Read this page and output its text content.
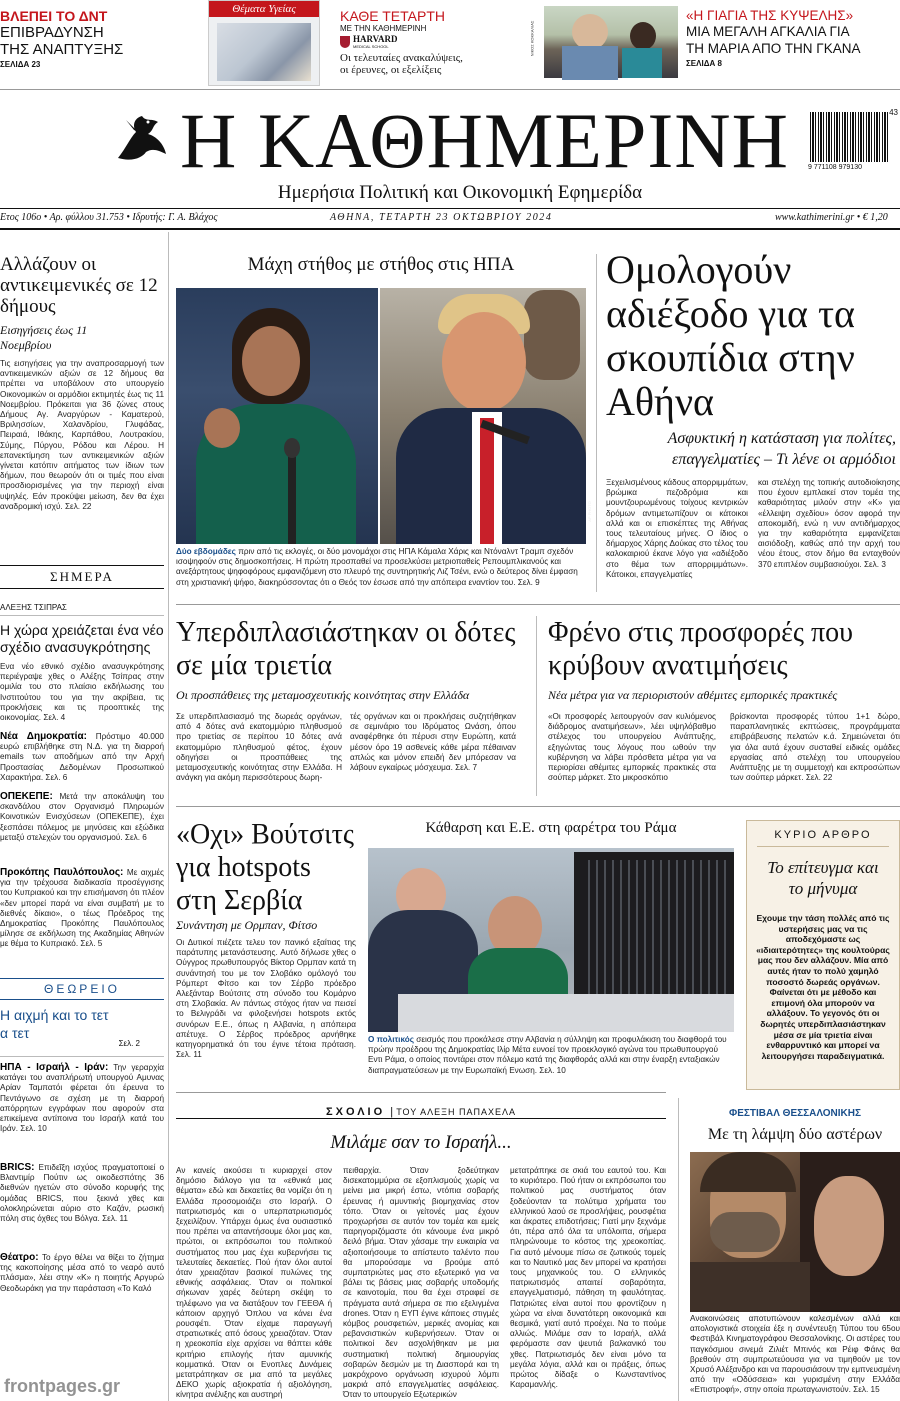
ΒΛΕΠΕΙ ΤΟ ΔΝΤ
ΕΠΙΒΡΑΔΥΝΣΗ
ΤΗΣ ΑΝΑΠΤΥΞΗΣ
ΣΕΛΙΔΑ 23
Θέματα Υγείας	ΚΑΘΕ ΤΕΤΑΡΤΗ
ΜΕ ΤΗΝ ΚΑΘΗΜΕΡΙΝΗ
HARVARD
MEDICAL SCHOOL
Οι τελευταίες ανακαλύψεις,
οι έρευνες, οι εξελίξεις
ΝΙΚΟΣ ΚΟΚΚΑΛΙΑΣ
«Η ΓΙΑΓΙΑ ΤΗΣ ΚΥΨΕΛΗΣ»
ΜΙΑ ΜΕΓΑΛΗ ΑΓΚΑΛΙΑ ΓΙΑ
ΤΗ ΜΑΡΙΑ ΑΠΟ ΤΗΝ ΓΚΑΝΑ
ΣΕΛΙΔΑ 8
Η ΚΑΘΗΜΕΡΙΝΗ
Ημερήσια Πολιτική και Οικονομική Εφημερίδα
43
9 771108 979130
Ετος 106ο • Αρ. φύλλου 31.753 • Ιδρυτής: Γ. Α. Βλάχος	ΑΘΗΝΑ, ΤΕΤΑΡΤΗ 23 ΟΚΤΩΒΡΙΟΥ 2024	www.kathimerini.gr • € 1,20
Αλλάζουν οι αντικειμενικές σε 12 δήμους
Εισηγήσεις έως 11 Νοεμβρίου
Τις εισηγήσεις για την αναπροσαρμογή των αντικειμενικών αξιών σε 12 δήμους θα πρέπει να υποβάλουν στο υπουργείο Οικονομικών οι αρμόδιοι εκτιμητές έως τις 11 Νοεμβρίου. Πρόκειται για 36 ζώνες στους Δήμους Αγ. Αναργύρων - Καματερού, Βριλησσίων, Χαλανδρίου, Γλυφάδας, Πειραιά, Ιθάκης, Καρπάθου, Λουτρακίου, Σύμης, Πύργου, Ρόδου και Λέρου. Η επανεκτίμηση των αντικειμενικών αξιών γίνεται κατόπιν αιτήματος των ίδιων των δήμων, που θεωρούν ότι οι τιμές που είναι προσδιορισμένες για την περιοχή είναι υψηλές. Εάν προκύψει μείωση, δεν θα έχει αναδρομική ισχύ. Σελ. 22
ΣΗΜΕΡΑ
ΑΛΕΞΗΣ ΤΣΙΠΡΑΣ
Η χώρα χρειάζεται ένα νέο σχέδιο ανασυγκρότησης
Ενα νέο εθνικό σχέδιο ανασυγκρότησης περιέγραψε χθες ο Αλέξης Τσίπρας στην ομιλία του στο πλαίσιο εκδήλωσης του Ινστιτούτου του για την ακρίβεια, τις προκλήσεις και τις προοπτικές της οικονομίας. Σελ. 4
Νέα Δημοκρατία: Πρόστιμο 40.000 ευρώ επιβλήθηκε στη Ν.Δ. για τη διαρροή emails των αποδήμων από την Αρχή Προστασίας Δεδομένων Προσωπικού Χαρακτήρα. Σελ. 6
ΟΠΕΚΕΠΕ: Μετά την αποκάλυψη του σκανδάλου στον Οργανισμό Πληρωμών Κοινοτικών Ενισχύσεων (ΟΠΕΚΕΠΕ), έχει ξεσπάσει πόλεμος με μηνύσεις και εξώδικα μεταξύ στελεχών του οργανισμού. Σελ. 6
Προκόπης Παυλόπουλος: Με αιχμές για την τρέχουσα διαδικασία προσέγγισης του Κυπριακού και την επισήμανση ότι πλέον «δεν μπορεί παρά να είναι συμβατή με το διεθνές δίκαιο», ο τέως Πρόεδρος της Δημοκρατίας Προκόπης Παυλόπουλος μίλησε σε εκδήλωση της Ακαδημίας Αθηνών με θέμα το Κυπριακό. Σελ. 5
ΘΕΩΡΕΙΟ
Η αιχμή και το τετ α τετ
Σελ. 2
ΗΠΑ - Ισραήλ - Ιράν: Την γεραρχία κατάγει του αναπλήρωτή υπουργού Αμυνας Αρίαν Ταμπατόι φέρεται ότι έρευνα το Πεντάγωνο σε σχέση με τη διαρροή απόρρητων εγγράφων που αφορούν στα επικείμενα αντίποινα του Ισραήλ κατά του Ιράν. Σελ. 10
BRICS: Επιδεῖξη ισχύος πραγματοποιεί ο Βλαντιμίρ Πούτιν ως οικοδεσπότης 36 διεθνών ηγετών στο σύνοδο κορυφής της ομάδας BRICS, που ξεκινά χθες και ολοκληρώνεται αύριο στο Καζάν, ρωσική πόλη στις όχθες του Βόλγα. Σελ. 11
Θέατρο: Το έργο θέλει να θίξει το ζήτημα της κακοποίησης μέσα από το νεαρό αυτό πλάσμα», λέει στην «Κ» η ποιητής Αργυρώ Θεοδωράκη για την παράσταση «Το Καλό
frontpages.gr
Μάχη στήθος με στήθος στις ΗΠΑ
AP PHOTO
Δύο εβδομάδες πριν από τις εκλογές, οι δύο μονομάχοι στις ΗΠΑ Κάμαλα Χάρις και Ντόναλντ Τραμπ σχεδόν ισοψηφούν στις δημοσκοπήσεις. Η πρώτη προσπαθεί να προσελκύσει μετριοπαθείς Ρεπουμπλικανούς και ανεξάρτητους ψηφοφόρους εμφανιζόμενη στο πλευρό της συντηρητικής Λιζ Τσένι, ενώ ο δεύτερος δίνει έμφαση στη χριστιανική ψήφο, διακηρύσσοντας ότι ο Θεός τον έσωσε από την απόπειρα εναντίον του. Σελ. 9
Ομολογούν αδιέξοδο για τα σκουπίδια στην Αθήνα
Ασφυκτική η κατάσταση για πολίτες, επαγγελματίες – Τι λένε οι αρμόδιοι
Ξεχειλισμένους κάδους απορριμμάτων, βρώμικα πεζοδρόμια και μουντζουρωμένους τοίχους κεντρικών δρόμων αντιμετωπίζουν οι κάτοικοι αλλά και οι επισκέπτες της Αθήνας τους τελευταίους μήνες. Ο ίδιος ο δήμαρχος Χάρης Δούκας στο τέλος του καλοκαιριού έκανε λόγο για «αδιέξοδο στο θέμα των απορριμμάτων». Κάτοικοι, επαγγελματίες
και στελέχη της τοπικής αυτοδιοίκησης που έχουν εμπλακεί στον τομέα της καθαριότητας μιλούν στην «Κ» για «έλλειψη σχεδίου» όσον αφορά την αποκομιδή, ενώ η νυν αντιδήμαρχος για την καθαριότητα εμφανίζεται αισιόδοξη, καθώς από την αρχή του νέου έτους, στον δήμο θα ενταχθούν 370 επιπλέον συμβασιούχοι. Σελ. 3
Υπερδιπλασιάστηκαν οι δότες σε μία τριετία
Οι προσπάθειες της μεταμοσχευτικής κοινότητας στην Ελλάδα
Σε υπερδιπλασιασμό της δωρεάς οργάνων, από 4 δότες ανά εκατομμύριο πληθυσμού προ τριετίας σε περίπου 10 δότες ανά εκατομμύριο πληθυσμού φέτος, έχουν οδηγήσει οι προσπάθειες της μεταμοσχευτικής κοινότητας στην Ελλάδα. Η ανάγκη για ακόμη περισσότερους δωρη-
τές οργάνων και οι προκλήσεις συζητήθηκαν σε σεμινάριο του Ιδρύματος Ωνάση, όπου αναφέρθηκε ότι πέρυσι στην Ευρώπη, κατά μέσον όρο 19 ασθενείς κάθε μέρα πέθαιναν απλώς και μόνον επειδή δεν μπόρεσαν να λάβουν εγκαίρως μόσχευμα. Σελ. 7
Φρένο στις προσφορές που κρύβουν ανατιμήσεις
Νέα μέτρα για να περιοριστούν αθέμιτες εμπορικές πρακτικές
«Οι προσφορές λειτουργούν σαν κυλιόμενος διάδρομος ανατιμήσεων», λέει υψηλόβαθμο στέλεχος του υπουργείου Ανάπτυξης, εξηγώντας τους λόγους που ωθούν την κυβέρνηση να λάβει πρόσθετα μέτρα για να περιορίσει αθέμιτες εμπορικές πρακτικές στα σούπερ μάρκετ. Στο μικροσκόπιο
βρίσκονται προσφορές τύπου 1+1 δώρο, παραπλανητικές εκπτώσεις, προγράμματα επιβράβευσης πελατών κ.ά. Σημειώνεται ότι για όλα αυτά έχουν συσταθεί ειδικές ομάδες εργασίας από στελέχη του υπουργείου Ανάπτυξης με τη συμμετοχή και εκπροσώπων των σούπερ μάρκετ. Σελ. 22
«Οχι» Βούτσιτς για hotspots στη Σερβία
Συνάντηση με Ορμπαν, Φίτσο
Οι Δυτικοί πιέζετε τελευ τον πανικό εξαίτιας της παράτυπης μετανάστευσης. Αυτό δήλωσε χθες ο Ούγγρος πρωθυπουργός Βίκτορ Ορμπαν κατά τη συνάντησή του με τον Σλοβάκο ομόλογό του Ρόμπερτ Φίτσο και τον Σέρβο πρόεδρο Αλεξάνταρ Βούτσιτς στη σύνοδο του Κομάρνο στη Σλοβακία. Αν πάντως στόχος ήταν να πεισεί το Βελιγράδι να φιλοξενήσει hotspots εκτός συνόρων Ε.Ε., όπως η Αλβανία, η απόπειρα απέτυχε. Ο Σέρβος πρόεδρος αρνήθηκε κατηγορηματικά ότι του έγινε τέτοια πρόταση. Σελ. 11
Κάθαρση και Ε.Ε. στη φαρέτρα του Ράμα
Ο πολιτικός σεισμός που προκάλεσε στην Αλβανία η σύλληψη και προφυλάκιση του διαφθορά του πρώην προέδρου της Δημοκρατίας Ιλίρ Μέτα ευνοεί τον προεκλογικό αγώνα του πρωθυπουργού Εντι Ράμα, ο οποίος ποντάρει στον πόλεμο κατά της διαφθοράς αλλά και στην έναρξη ενταξιακών διαπραγματεύσεων με την Ευρωπαϊκή Ενωση. Σελ. 10
ΚΥΡΙΟ ΑΡΘΡΟ
Το επίτευγμα και το μήνυμα
Εχουμε την τάση πολλές από τις υστερήσεις μας να τις αποδεχόμαστε ως «ιδιαιτερότητες» της κουλτούρας μας που δεν αλλάζουν. Μία από αυτές ήταν το πολύ χαμηλό ποσοστό δωρεάς οργάνων. Φαίνεται ότι με μέθοδο και επιμονή όλα μπορούν να αλλάξουν. Το γεγονός ότι οι δωρητές υπερδιπλασιάστηκαν μέσα σε μία τριετία είναι ενθαρρυντικό και μπορεί να λειτουργήσει παραδειγματικά.
ΣΧΟΛΙΟ | ΤΟΥ ΑΛΕΞΗ ΠΑΠΑΧΕΛΑ
Μιλάμε σαν το Ισραήλ...
Αν κανείς ακούσει τι κυριαρχεί στον δημόσιο διάλογο για τα «εθνικά μας θέματα» εδώ και δεκαετίες θα νομίζει ότι η Ελλάδα προσομοιάζει στο Ισραήλ. Ο πατριωτισμός και ο υπερπατριωτισμός ξεχειλίζουν. Υπάρχει όμως ένα ουσιαστικό που πρέπει να απαντήσουμε όλοι μας και, πρώτοι, οι εκπρόσωποι του πολιτικού συστήματος που μας έχει κυβερνήσει τις τελευταίες δεκαετίες. Πού ήταν όλοι αυτοί όταν χρειαζόταν βασικοί πυλώνες της εθνικής ασφάλειας. Όταν οι πολιτικοί σήκωναν χαρές δεύτερη σκέψη το τηλέφωνο για να διατάξουν τον ΓΕΕΘΑ ή κάποιον αρχηγό Όπλου να κάνει ένα ρουσφέτι. Όταν είχαμε παραγωγή στρατιωτικές από όσους χρειαζόταν. Όταν η χρεοκοπία είχε αρχίσει να θάπτει κάθε κριτήριο επιλογής ήταν αμυνικής κομματικά. Όταν οι Ενοπλες Δυνάμεις μετατράπηκαν σε μια από τα μεγάλες ΔΕΚΟ χωρίς αξιοκρατία ή αξιολόγηση, κίνητρα ανέλιξης και αυστηρή
πειθαρχία. Όταν ξοδεύτηκαν δισεκατομμύρια σε εξοπλισμούς χωρίς να μείνει μια μικρή έστω, ντόπια σοβαρής έρευνας ή αμυντικής βιομηχανίας στον τόπο. Όταν οι γείτονές μας έχουν προχωρήσει σε αυτόν τον τομέα και εμείς παρηγοριζόμαστε ότι κάνουμε ένα μικρό δειλό βήμα. Όταν χάσαμε την ευκαιρία να αξιοποιήσουμε το απίστευτο ταλέντο που θα μπορούσαμε να βρούμε από συμπατριώτες μας στο εξωτερικό για να βάλει τις βάσεις μιας σοβαρής υποδομής σε καινοτομία, που θα έχει στραφεί σε πράγματα αυτά σήμερα σε πιο εξελιγμένα drones. Όταν η ΕΥΠ έγινε κάποιες στιγμές κόμβος ρουσφετιών, μερικές ανομίας και ρεβανσιστικών κυβερνήσεων. Όταν οι πολιτικοί δεν ασχολήθηκαν με μια συστηματική πολιτική δημιουργίας σοβαρών δεσμών με τη Διασπορά και τη μακρόχρονο οργάνωση ισχυρού λόμπι μακριά από επαγγελματίες ασφάλειας. Όταν το υπουργείο Εξωτερικών
μετατράπηκε σε σκιά του εαυτού του. Και το κυριότερο. Πού ήταν οι εκπρόσωποι του πολιτικού μας συστήματος όταν ξοδεύονταν τα πολύτιμα χρήματα του ελληνικού λαού σε προσλήψεις, ρουσφέτια και άκρατες επιδοτήσεις; Γιατί μην ξεχνάμε ότι, πέρα από όλα τα υπόλοιπα, σήμερα πληρώνουμε το κόστος της χρεοκοπίας. Για αυτό μένουμε πίσω σε ζωτικούς τομείς και το Ναυτικό μας δεν μπορεί να κρατήσει τους μηχανικούς του. Ο ελληνικός πατριωτισμός απαιτεί σοβαρότητα, επαγγελματισμό, πάθηση τη φαυλότητας. Πατριώτες είναι αυτοί που φροντίζουν η χώρα να είναι δυνατότερη οικονομικά και θεσμικά, γιατί αυτό προέχει. Να το πούμε αλλιώς. Μιλάμε σαν το Ισραήλ, αλλά φερόμαστε σαν ψευτιά βαλκανικό του χθες. Πατριωτισμός δεν είναι μόνο τα μεγάλα λόγια, αλλά και οι πράξεις, όπως πρώτος δίδαξε ο Κωνσταντίνος Καραμανλής.
ΦΕΣΤΙΒΑΛ ΘΕΣΣΑΛΟΝΙΚΗΣ
Με τη λάμψη δύο αστέρων
Ανακοινώσεις αποτυπώνουν καλεσμένων αλλά και απολογιστικά στοιχεία έξε η συνέντευξη Τύπου του 65ου Φεστιβάλ Κινηματογράφου Θεσσαλονίκης. Οι αστέρες του παγκόσμιου σινεμά Ζιλιέτ Μπινός και Ρέιφ Φάινς θα βρεθούν στη συμπρωτεύουσα για να τιμηθούν με τον Χρυσό Αλέξανδρο και να παρουσιάσουν την εμπνευσμένη από την «Οδύσσεια» και γυρισμένη στην Ελλάδα «Επιστροφή», στην οποία πρωταγωνιστούν. Σελ. 15
